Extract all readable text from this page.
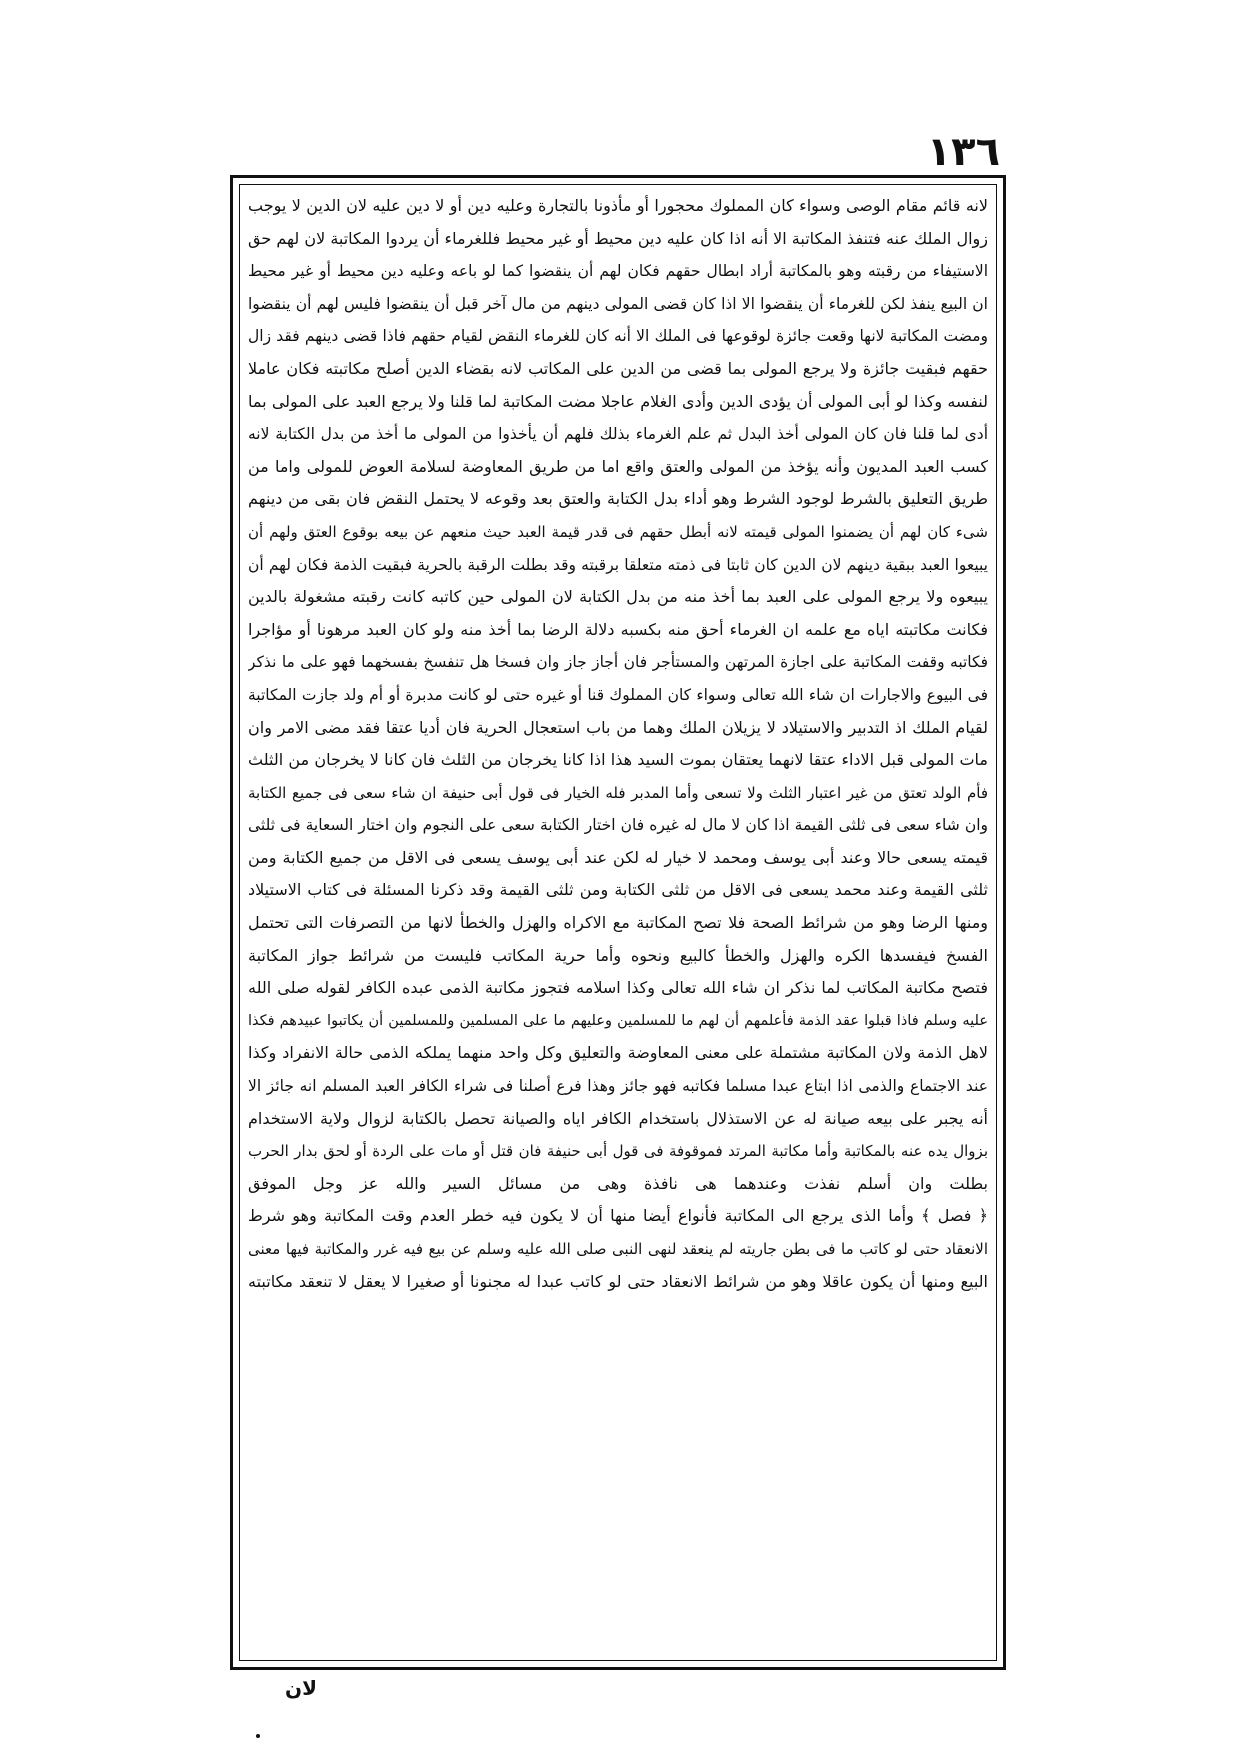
١٣٦
لانه قائم مقام الوصى وسواء كان المملوك محجورا أو مأذونا بالتجارة وعليه دين أو لا دين عليه لان الدين لا يوجب
زوال الملك عنه فتنفذ المكاتبة الا أنه اذا كان عليه دين محيط أو غير محيط فللغرماء أن يردوا المكاتبة لان لهم حق
الاستيفاء من رقبته وهو بالمكاتبة أراد ابطال حقهم فكان لهم أن ينقضوا كما لو باعه وعليه دين محيط أو غير محيط
ان البيع ينفذ لكن للغرماء أن ينقضوا الا اذا كان قضى المولى دينهم من مال آخر قبل أن ينقضوا فليس لهم أن ينقضوا
ومضت المكاتبة لانها وقعت جائزة لوقوعها فى الملك الا أنه كان للغرماء النقض لقيام حقهم فاذا قضى دينهم فقد زال
حقهم فبقيت جائزة ولا يرجع المولى بما قضى من الدين على المكاتب لانه بقضاء الدين أصلح مكاتبته فكان عاملا
لنفسه وكذا لو أبى المولى أن يؤدى الدين وأدى الغلام عاجلا مضت المكاتبة لما قلنا ولا يرجع العبد على المولى بما
أدى لما قلنا فان كان المولى أخذ البدل ثم علم الغرماء بذلك فلهم أن يأخذوا من المولى ما أخذ من بدل الكتابة لانه
كسب العبد المديون وأنه يؤخذ من المولى والعتق واقع اما من طريق المعاوضة لسلامة العوض للمولى واما من
طريق التعليق بالشرط لوجود الشرط وهو أداء بدل الكتابة والعتق بعد وقوعه لا يحتمل النقض فان بقى من دينهم
شىء كان لهم أن يضمنوا المولى قيمته لانه أبطل حقهم فى قدر قيمة العبد حيث منعهم عن بيعه بوقوع العتق ولهم أن
يبيعوا العبد ببقية دينهم لان الدين كان ثابتا فى ذمته متعلقا برقبته وقد بطلت الرقبة بالحرية فبقيت الذمة فكان لهم أن
يبيعوه ولا يرجع المولى على العبد بما أخذ منه من بدل الكتابة لان المولى حين كاتبه كانت رقبته مشغولة بالدين
فكانت مكاتبته اياه مع علمه ان الغرماء أحق منه بكسبه دلالة الرضا بما أخذ منه ولو كان العبد مرهونا أو مؤاجرا
فكاتبه وقفت المكاتبة على اجازة المرتهن والمستأجر فان أجاز جاز وان فسخا هل تنفسخ بفسخهما فهو على ما نذكر
فى البيوع والاجارات ان شاء الله تعالى وسواء كان المملوك قنا أو غيره حتى لو كانت مدبرة أو أم ولد جازت المكاتبة
لقيام الملك اذ التدبير والاستيلاد لا يزيلان الملك وهما من باب استعجال الحرية فان أديا عتقا فقد مضى الامر وان
مات المولى قبل الاداء عتقا لانهما يعتقان بموت السيد هذا اذا كانا يخرجان من الثلث فان كانا لا يخرجان من الثلث
فأم الولد تعتق من غير اعتبار الثلث ولا تسعى وأما المدبر فله الخيار فى قول أبى حنيفة ان شاء سعى فى جميع الكتابة
وان شاء سعى فى ثلثى القيمة اذا كان لا مال له غيره فان اختار الكتابة سعى على النجوم وان اختار السعاية فى ثلثى
قيمته يسعى حالا وعند أبى يوسف ومحمد لا خيار له لكن عند أبى يوسف يسعى فى الاقل من جميع الكتابة ومن
ثلثى القيمة وعند محمد يسعى فى الاقل من ثلثى الكتابة ومن ثلثى القيمة وقد ذكرنا المسئلة فى كتاب الاستيلاد
ومنها الرضا وهو من شرائط الصحة فلا تصح المكاتبة مع الاكراه والهزل والخطأ لانها من التصرفات التى تحتمل
الفسخ فيفسدها الكره والهزل والخطأ كالبيع ونحوه وأما حرية المكاتب فليست من شرائط جواز المكاتبة
فتصح مكاتبة المكاتب لما نذكر ان شاء الله تعالى وكذا اسلامه فتجوز مكاتبة الذمى عبده الكافر لقوله صلى الله
عليه وسلم فاذا قبلوا عقد الذمة فأعلمهم أن لهم ما للمسلمين وعليهم ما على المسلمين وللمسلمين أن يكاتبوا عبيدهم فكذا
لاهل الذمة ولان المكاتبة مشتملة على معنى المعاوضة والتعليق وكل واحد منهما يملكه الذمى حالة الانفراد وكذا
عند الاجتماع والذمى اذا ابتاع عبدا مسلما فكاتبه فهو جائز وهذا فرع أصلنا فى شراء الكافر العبد المسلم انه جائز الا
أنه يجبر على بيعه صيانة له عن الاستذلال باستخدام الكافر اياه والصيانة تحصل بالكتابة لزوال ولاية الاستخدام
بزوال يده عنه بالمكاتبة وأما مكاتبة المرتد فموقوفة فى قول أبى حنيفة فان قتل أو مات على الردة أو لحق بدار الحرب
بطلت وان أسلم نفذت وعندهما هى نافذة وهى من مسائل السير والله عز وجل الموفق
﴿ فصل ﴾ وأما الذى يرجع الى المكاتبة فأنواع أيضا منها أن لا يكون فيه خطر العدم وقت المكاتبة وهو شرط
الانعقاد حتى لو كاتب ما فى بطن جاريته لم ينعقد لنهى النبى صلى الله عليه وسلم عن بيع فيه غرر والمكاتبة فيها معنى
البيع ومنها أن يكون عاقلا وهو من شرائط الانعقاد حتى لو كاتب عبدا له مجنونا أو صغيرا لا يعقل لا تنعقد مكاتبته
لان
